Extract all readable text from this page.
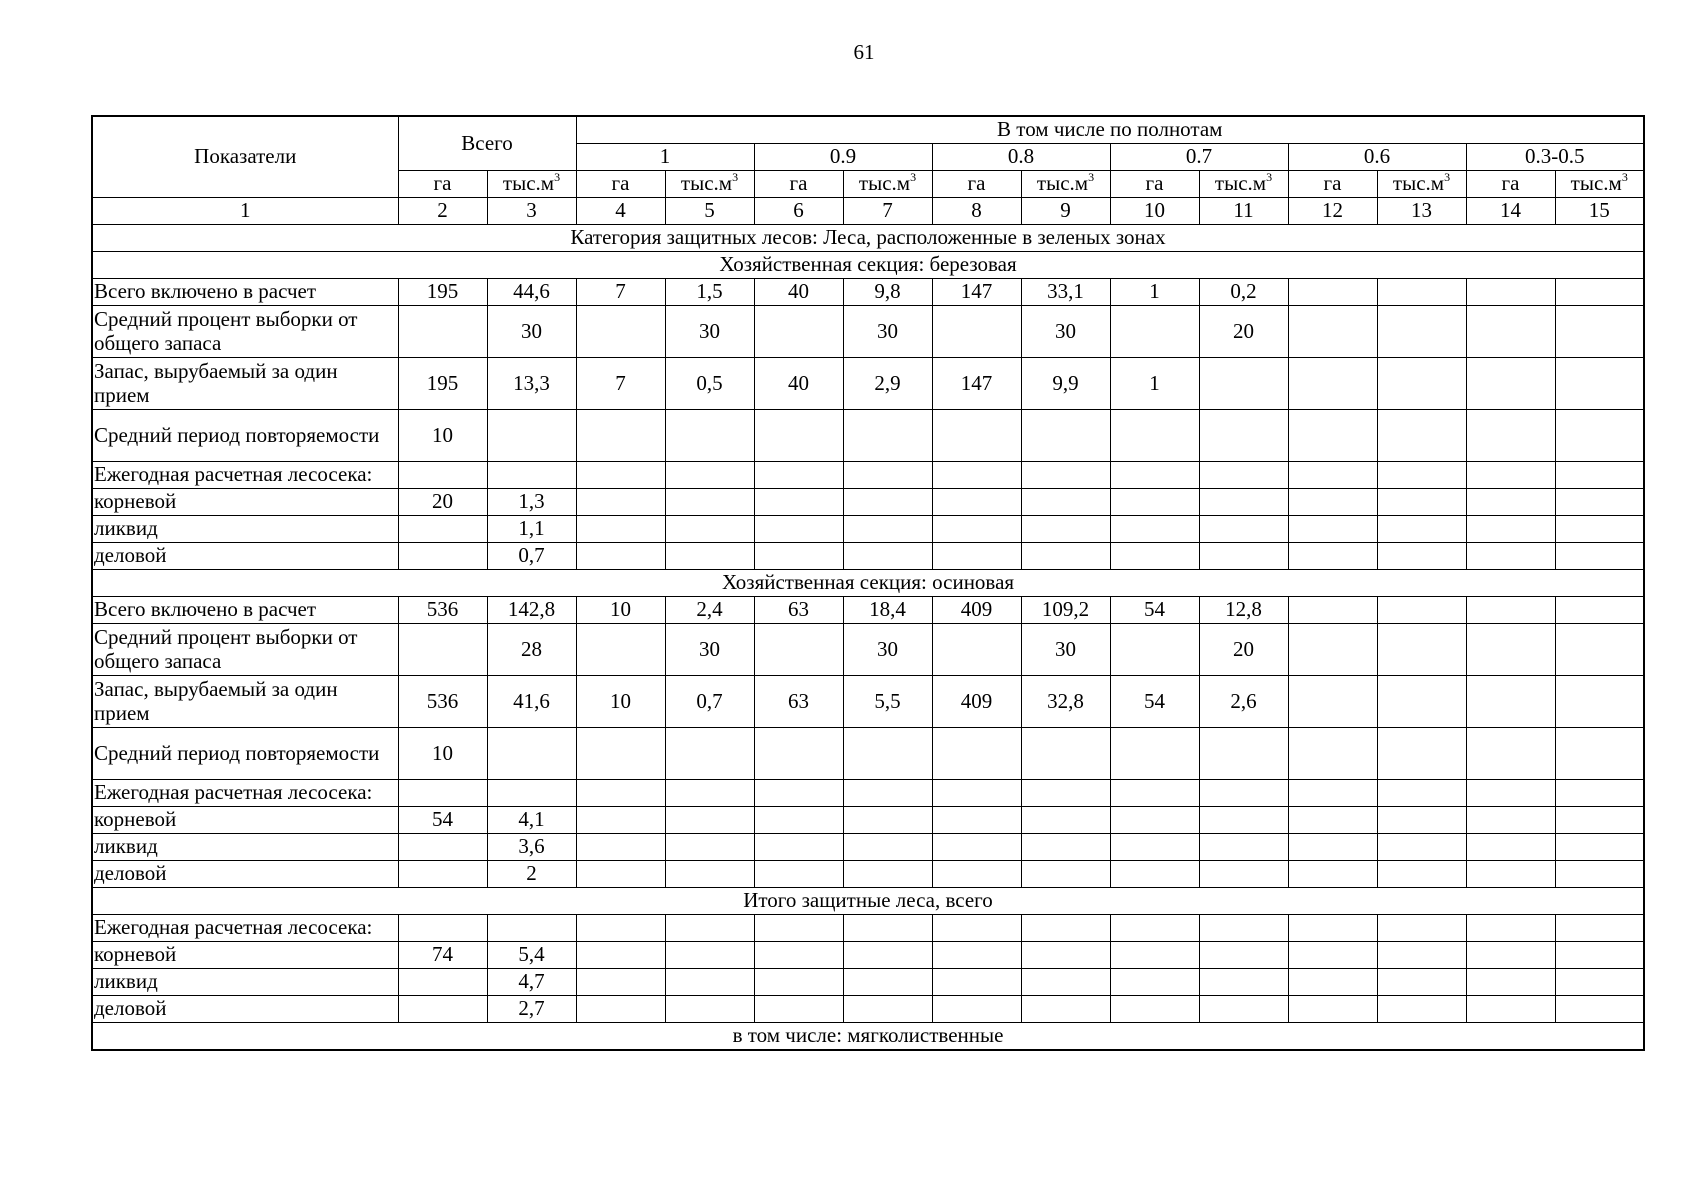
61
Показатели	Всего		В том числе по полнотам											
			1		0.9		0.8		0.7		0.6		0.3-0.5	
	га	$тыс.м^3$	га	$тыс.м^3$	га	$тыс.м^3$	га	$тыс.м^3$	га	$тыс.м^3$	га	$тыс.м^3$	га	$тыс.м^3$
1	2	3	4	5	6	7	8	9	10	11	12	13	14	15
Категория защитных лесов: Леса, расположенные в зеленых зонах														
Хозяйственная секция: березовая														
Всего включено в расчет	195	44,6	7	1,5	40	9,8	147	33,1	1	0,2				
Средний процент выборки от общего запаса		30		30		30		30		20				
Запас, вырубаемый за один прием	195	13,3	7	0,5	40	2,9	147	9,9	1					
Средний период повторяемости	10													
Ежегодная расчетная лесосека:														
корневой	20	1,3												
ликвид		1,1												
деловой		0,7												
Хозяйственная секция: осиновая														
Всего включено в расчет	536	142,8	10	2,4	63	18,4	409	109,2	54	12,8				
Средний процент выборки от общего запаса		28		30		30		30		20				
Запас, вырубаемый за один прием	536	41,6	10	0,7	63	5,5	409	32,8	54	2,6				
Средний период повторяемости	10													
Ежегодная расчетная лесосека:														
корневой	54	4,1												
ликвид		3,6												
деловой		2												
Итого защитные леса, всего														
Ежегодная расчетная лесосека:														
корневой	74	5,4												
ликвид		4,7												
деловой		2,7												
в том числе: мягколиственные														
